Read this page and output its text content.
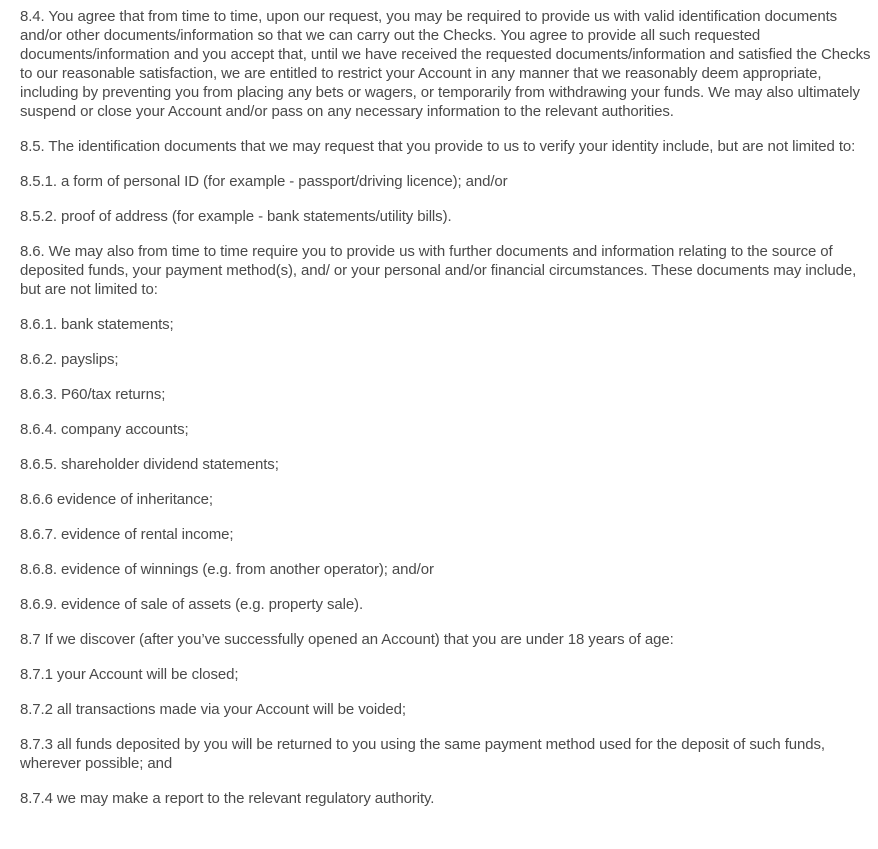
8.4. You agree that from time to time, upon our request, you may be required to provide us with valid identification documents and/or other documents/information so that we can carry out the Checks. You agree to provide all such requested documents/information and you accept that, until we have received the requested documents/information and satisfied the Checks to our reasonable satisfaction, we are entitled to restrict your Account in any manner that we reasonably deem appropriate, including by preventing you from placing any bets or wagers, or temporarily from withdrawing your funds. We may also ultimately suspend or close your Account and/or pass on any necessary information to the relevant authorities.

8.5. The identification documents that we may request that you provide to us to verify your identity include, but are not limited to:

8.5.1. a form of personal ID (for example - passport/driving licence); and/or

8.5.2. proof of address (for example - bank statements/utility bills).

8.6. We may also from time to time require you to provide us with further documents and information relating to the source of deposited funds, your payment method(s), and/ or your personal and/or financial circumstances. These documents may include, but are not limited to:

8.6.1. bank statements;

8.6.2. payslips;

8.6.3. P60/tax returns;

8.6.4. company accounts;

8.6.5. shareholder dividend statements;

8.6.6 evidence of inheritance;

8.6.7. evidence of rental income;

8.6.8. evidence of winnings (e.g. from another operator); and/or

8.6.9. evidence of sale of assets (e.g. property sale).

8.7 If we discover (after you’ve successfully opened an Account) that you are under 18 years of age:

8.7.1 your Account will be closed;

8.7.2 all transactions made via your Account will be voided;

8.7.3 all funds deposited by you will be returned to you using the same payment method used for the deposit of such funds, wherever possible; and

8.7.4 we may make a report to the relevant regulatory authority.
